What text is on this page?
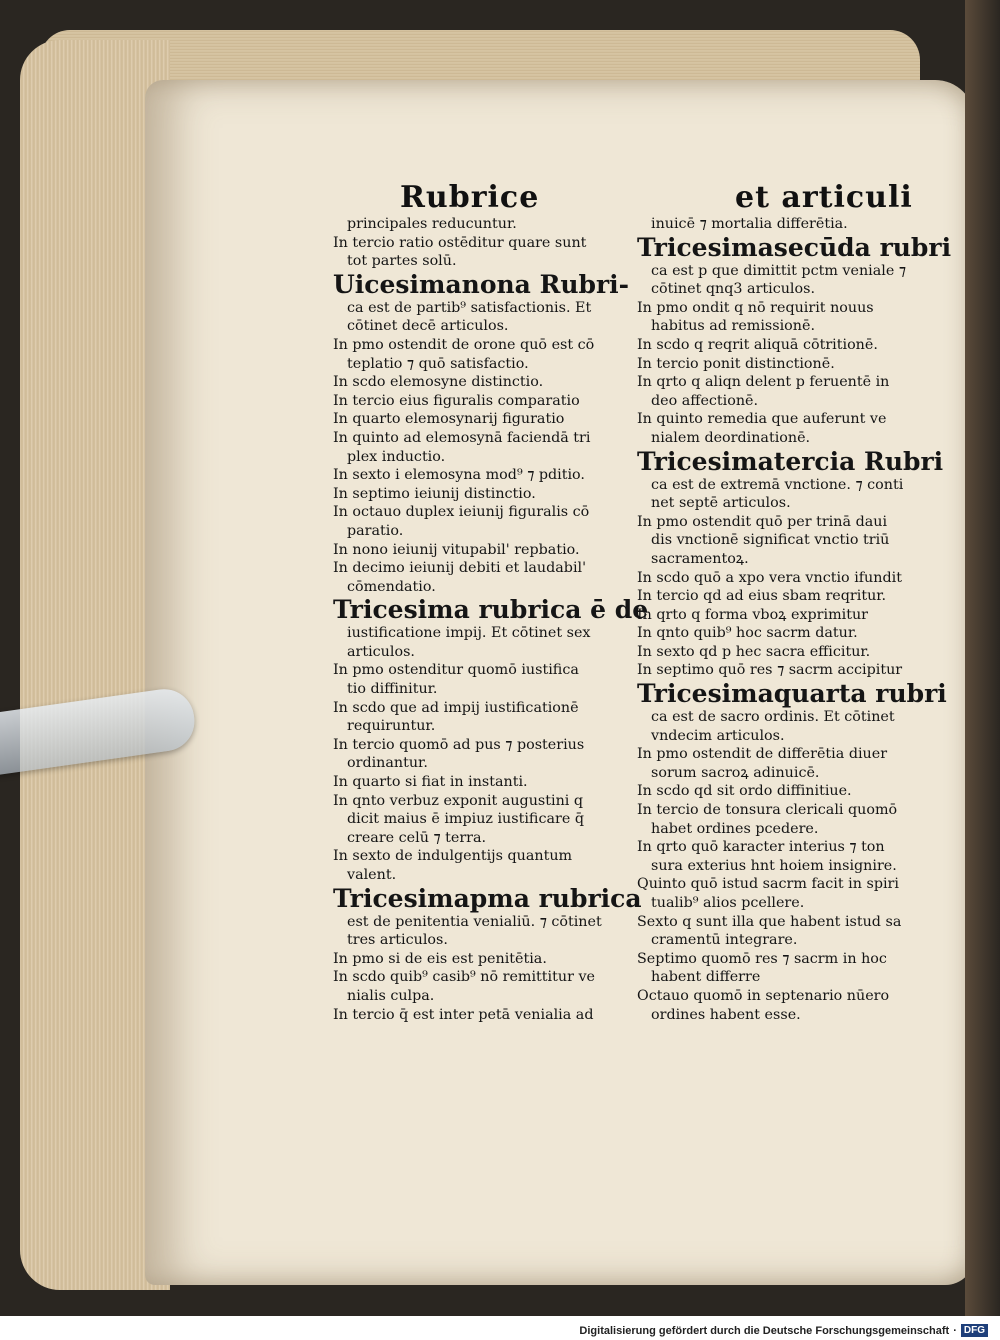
Rubrice	et articuli
principales reducuntur.
In tercio ratio ostēditur quare sunt
tot partes solū.
Uicesimanona Rubri-
ca est de partib⁹ satisfactionis. Et
cōtinet decē articulos.
In pmo ostendit de orone quō est cō
teplatio ⁊ quō satisfactio.
In scdo elemosyne distinctio.
In tercio eius figuralis comparatio
In quarto elemosynarij figuratio
In quinto ad elemosynā faciendā tri
plex inductio.
In sexto i elemosyna mod⁹ ⁊ pditio.
In septimo ieiunij distinctio.
In octauo duplex ieiunij figuralis cō
paratio.
In nono ieiunij vitupabil' repbatio.
In decimo ieiunij debiti et laudabil'
cōmendatio.
Tricesima rubrica ē de
iustificatione impij. Et cōtinet sex
articulos.
In pmo ostenditur quomō iustifica
tio diffinitur.
In scdo que ad impij iustificationē
requiruntur.
In tercio quomō ad pus ⁊ posterius
ordinantur.
In quarto si fiat in instanti.
In qnto verbuz exponit augustini q
dicit maius ē impiuz iustificare q̄
creare celū ⁊ terra.
In sexto de indulgentijs quantum
valent.
Tricesimapma rubrica
est de penitentia venialiū. ⁊ cōtinet
tres articulos.
In pmo si de eis est penitētia.
In scdo quib⁹ casib⁹ nō remittitur ve
nialis culpa.
In tercio q̄ est inter petā venialia ad
inuicē ⁊ mortalia differētia.
Tricesimasecūda rubri
ca est p que dimittit pctm veniale ⁊
cōtinet qnq3 articulos.
In pmo ondit q nō requirit nouus
habitus ad remissionē.
In scdo q reqrit aliquā cōtritionē.
In tercio ponit distinctionē.
In qrto q aliqn delent p feruentē in
deo affectionē.
In quinto remedia que auferunt ve
nialem deordinationē.
Tricesimatercia Rubri
ca est de extremā vnctione. ⁊ conti
net septē articulos.
In pmo ostendit quō per trinā daui
dis vnctionē significat vnctio triū
sacramentoꝝ.
In scdo quō a xpo vera vnctio ifundit
In tercio qd ad eius sbam reqritur.
In qrto q forma vboꝝ exprimitur
In qnto quib⁹ hoc sacrm datur.
In sexto qd p hec sacra efficitur.
In septimo quō res ⁊ sacrm accipitur
Tricesimaquarta rubri
ca est de sacro ordinis. Et cōtinet
vndecim articulos.
In pmo ostendit de differētia diuer
sorum sacroꝝ adinuicē.
In scdo qd sit ordo diffinitiue.
In tercio de tonsura clericali quomō
habet ordines pcedere.
In qrto quō karacter interius ⁊ ton
sura exterius hnt hoiem insignire.
Quinto quō istud sacrm facit in spiri
tualib⁹ alios pcellere.
Sexto q sunt illa que habent istud sa
cramentū integrare.
Septimo quomō res ⁊ sacrm in hoc
habent differre
Octauo quomō in septenario nūero
ordines habent esse.
Digitalisierung gefördert durch die Deutsche Forschungsgemeinschaft · DFG
